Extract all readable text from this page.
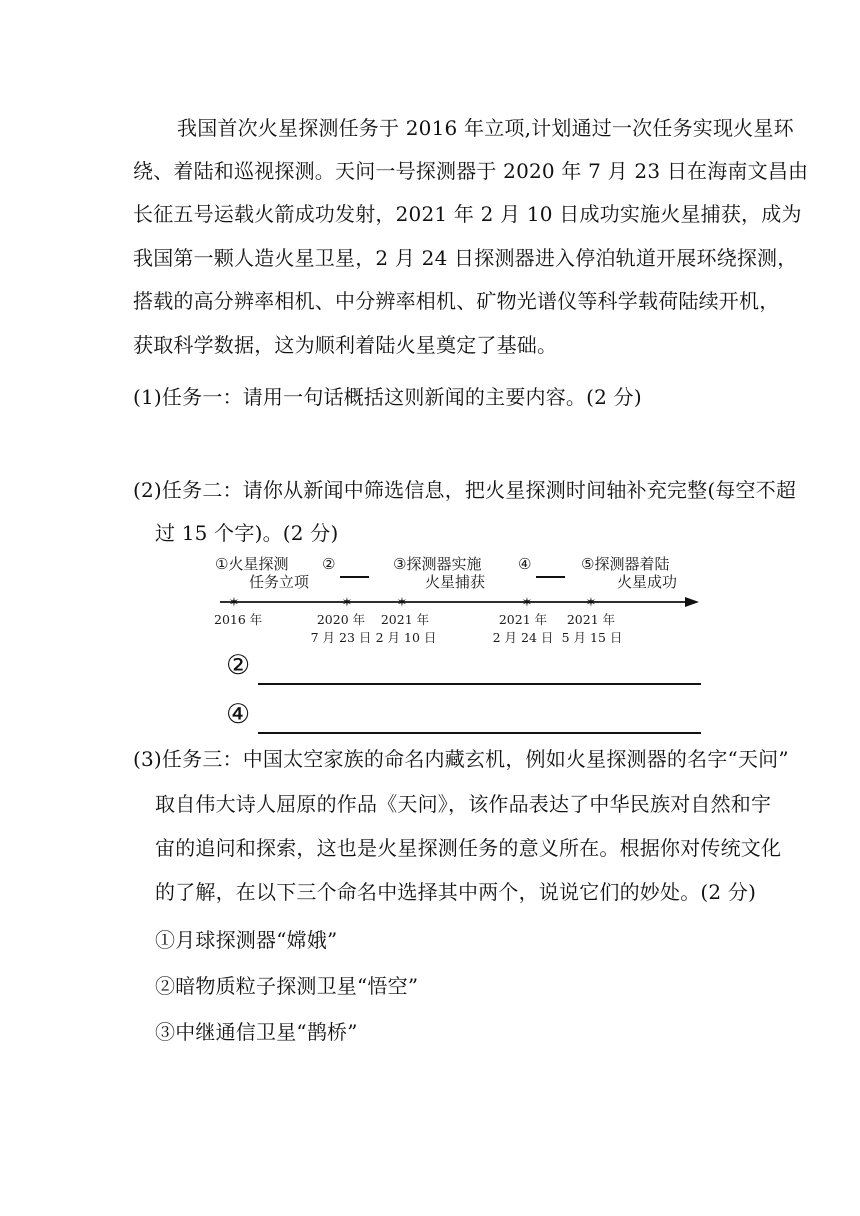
我国首次火星探测任务于 2016 年立项,计划通过一次任务实现火星环
绕、着陆和巡视探测。天问一号探测器于 2020 年 7 月 23 日在海南文昌由
长征五号运载火箭成功发射，2021 年 2 月 10 日成功实施火星捕获，成为
我国第一颗人造火星卫星，2 月 24 日探测器进入停泊轨道开展环绕探测，
搭载的高分辨率相机、中分辨率相机、矿物光谱仪等科学载荷陆续开机，
获取科学数据，这为顺利着陆火星奠定了基础。
(1)任务一：请用一句话概括这则新闻的主要内容。(2 分)
(2)任务二：请你从新闻中筛选信息，把火星探测时间轴补充完整(每空不超
过 15 个字)。(2 分)
①火星探测
任务立项
②	③探测器实施
火星捕获
④	⑤探测器着陆
火星成功
✶	✶	✶	✶	✶
2016 年	2020 年
7 月 23 日
2021 年
2 月 10 日
2021 年
2 月 24 日
2021 年
5 月 15 日
②
④
(3)任务三：中国太空家族的命名内藏玄机，例如火星探测器的名字“天问”
取自伟大诗人屈原的作品《天问》，该作品表达了中华民族对自然和宇
宙的追问和探索，这也是火星探测任务的意义所在。根据你对传统文化
的了解，在以下三个命名中选择其中两个，说说它们的妙处。(2 分)
①月球探测器“嫦娥”
②暗物质粒子探测卫星“悟空”
③中继通信卫星“鹊桥”
